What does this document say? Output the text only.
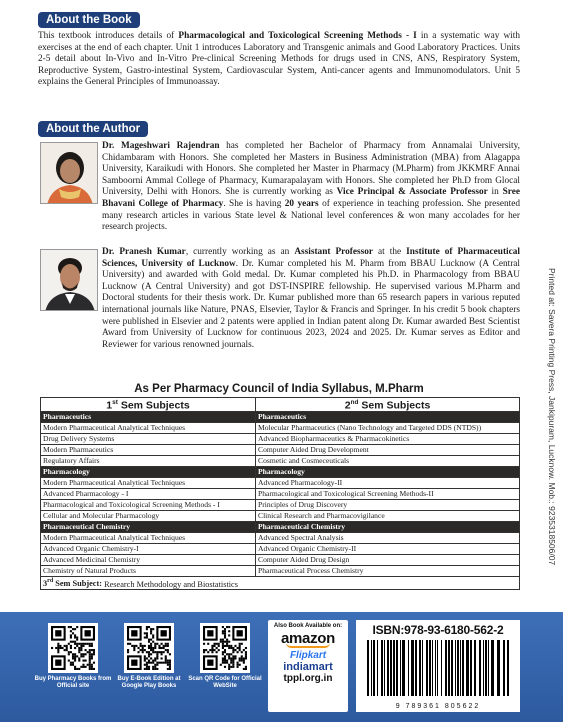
About the Book

This textbook introduces details of Pharmacological and Toxicological Screening Methods - I in a systematic way with exercises at the end of each chapter. Unit 1 introduces Laboratory and Transgenic animals and Good Laboratory Practices. Units 2-5 detail about In-Vivo and In-Vitro Pre-clinical Screening Methods for drugs used in CNS, ANS, Respiratory System, Reproductive System, Gastro-intestinal System, Cardiovascular System, Anti-cancer agents and Immunomodulators. Unit 5 explains the General Principles of Immunoassay.

About the Author

Dr. Mageshwari Rajendran has completed her Bachelor of Pharmacy from Annamalai University, Chidambaram with Honors. She completed her Masters in Business Administration (MBA) from Alagappa University, Karaikudi with Honors. She completed her Master in Pharmacy (M.Pharm) from JKKMRF Annai Samboorni Ammal College of Pharmacy, Kumarapalayam with Honors. She completed her Ph.D from Glocal University, Delhi with Honors. She is currently working as Vice Principal & Associate Professor in Sree Bhavani College of Pharmacy. She is having 20 years of experience in teaching profession. She presented many research articles in various State level & National level conferences & won many accolades for her research projects.

Dr. Pranesh Kumar, currently working as an Assistant Professor at the Institute of Pharmaceutical Sciences, University of Lucknow. Dr. Kumar completed his M. Pharm from BBAU Lucknow (A Central University) and awarded with Gold medal. Dr. Kumar completed his Ph.D. in Pharmacology from BBAU Lucknow (A Central University) and got DST-INSPIRE fellowship. He supervised various M.Pharm and Doctoral students for their thesis work. Dr. Kumar published more than 65 research papers in various reputed international journals like Nature, PNAS, Elsevier, Taylor & Francis and Springer. In his credit 5 book chapters were published in Elsevier and 2 patents were applied in Indian patent along Dr. Kumar awarded Best Scientist Award from University of Lucknow for continuous 2023, 2024 and 2025. Dr. Kumar serves as Editor and Reviewer for various renowned journals.	Printed at: Savera Printing Press, Jankipuram, Lucknow. Mob.: 9235318506/07
As Per Pharmacy Council of India Syllabus, M.Pharm
1st Sem Subjects	2nd Sem Subjects
Pharmaceutics	Pharmaceutics
Modern Pharmaceutical Analytical Techniques	Molecular Pharmaceutics (Nano Technology and Targeted DDS (NTDS))
Drug Delivery Systems	Advanced Biopharmaceutics & Pharmacokinetics
Modern Pharmaceutics	Computer Aided Drug Development
Regulatory Affairs	Cosmetic and Cosmeceuticals
Pharmacology	Pharmacology
Modern Pharmaceutical Analytical Techniques	Advanced Pharmacology-II
Advanced Pharmacology - I	Pharmacological and Toxicological Screening Methods-II
Pharmacological and Toxicological Screening Methods - I	Principles of Drug Discovery
Cellular and Molecular Pharmacology	Clinical Research and Pharmacovigilance
Pharmaceutical Chemistry	Pharmaceutical Chemistry
Modern Pharmaceutical Analytical Techniques	Advanced Spectral Analysis
Advanced Organic Chemistry-I	Advanced Organic Chemistry-II
Advanced Medicinal Chemistry	Computer Aided Drug Design
Chemistry of Natural Products	Pharmaceutical Process Chemistry
3rd Sem Subject: Research Methodology and Biostatistics	
Buy Pharmacy Books from Official site
Buy E-Book Edition at Google Play Books
Scan QR Code for Official WebSite
Also Book Available on:
amazon
Flipkart
indiamart
tppl.org.in
ISBN:978-93-6180-562-2
9 789361 805622
